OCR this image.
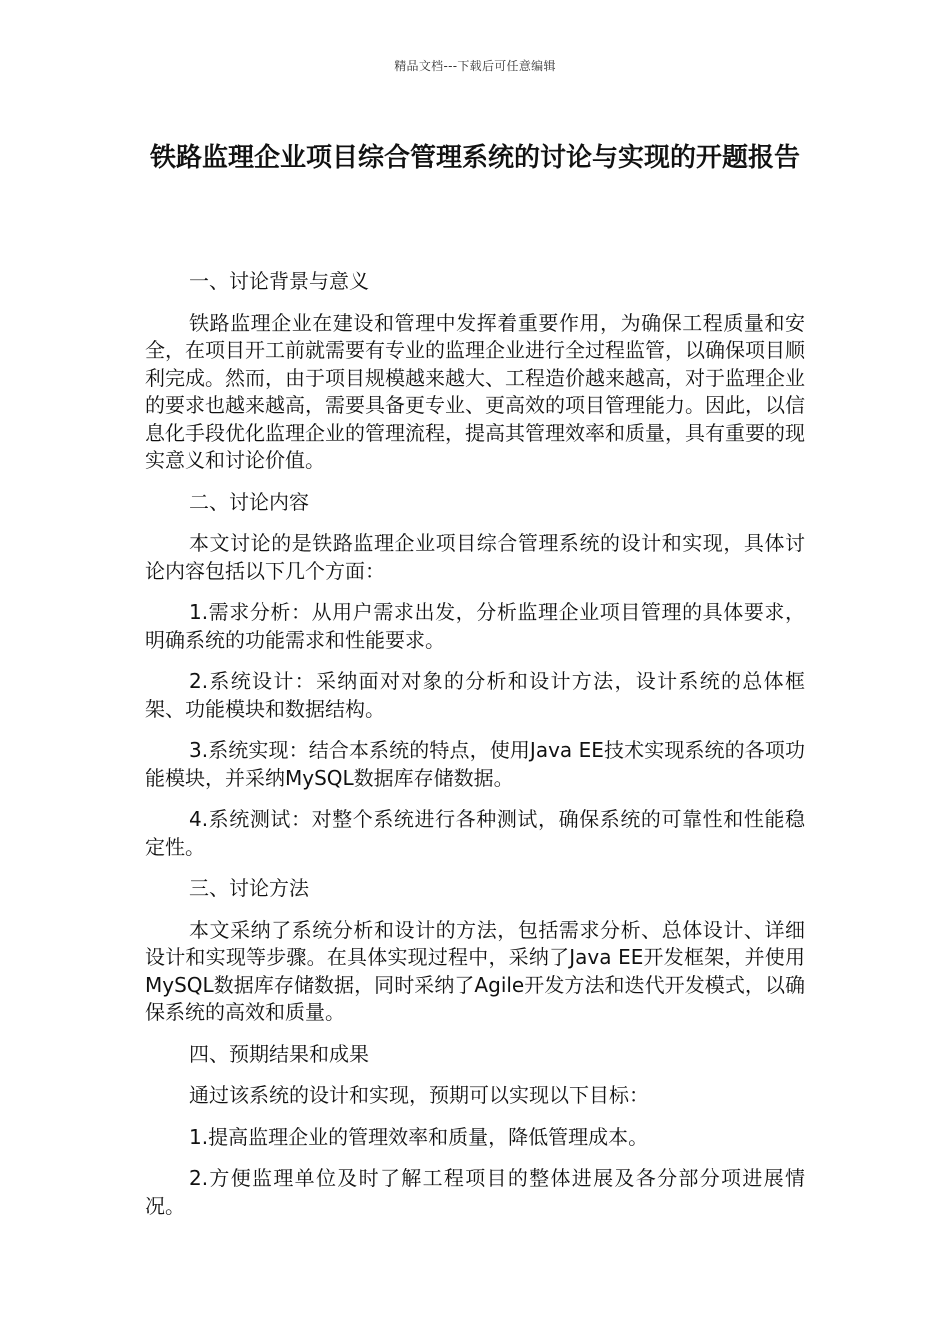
精品文档---下载后可任意编辑
铁路监理企业项目综合管理系统的讨论与实现的开题报告

一、讨论背景与意义

铁路监理企业在建设和管理中发挥着重要作用，为确保工程质量和安全，在项目开工前就需要有专业的监理企业进行全过程监管，以确保项目顺利完成。然而，由于项目规模越来越大、工程造价越来越高，对于监理企业的要求也越来越高，需要具备更专业、更高效的项目管理能力。因此，以信息化手段优化监理企业的管理流程，提高其管理效率和质量，具有重要的现实意义和讨论价值。

二、讨论内容

本文讨论的是铁路监理企业项目综合管理系统的设计和实现，具体讨论内容包括以下几个方面：

1.需求分析：从用户需求出发，分析监理企业项目管理的具体要求，明确系统的功能需求和性能要求。

2.系统设计：采纳面对对象的分析和设计方法，设计系统的总体框架、功能模块和数据结构。

3.系统实现：结合本系统的特点，使用Java EE技术实现系统的各项功能模块，并采纳MySQL数据库存储数据。

4.系统测试：对整个系统进行各种测试，确保系统的可靠性和性能稳定性。

三、讨论方法

本文采纳了系统分析和设计的方法，包括需求分析、总体设计、详细设计和实现等步骤。在具体实现过程中，采纳了Java EE开发框架，并使用MySQL数据库存储数据，同时采纳了Agile开发方法和迭代开发模式，以确保系统的高效和质量。

四、预期结果和成果

通过该系统的设计和实现，预期可以实现以下目标：

1.提高监理企业的管理效率和质量，降低管理成本。

2.方便监理单位及时了解工程项目的整体进展及各分部分项进展情况。
